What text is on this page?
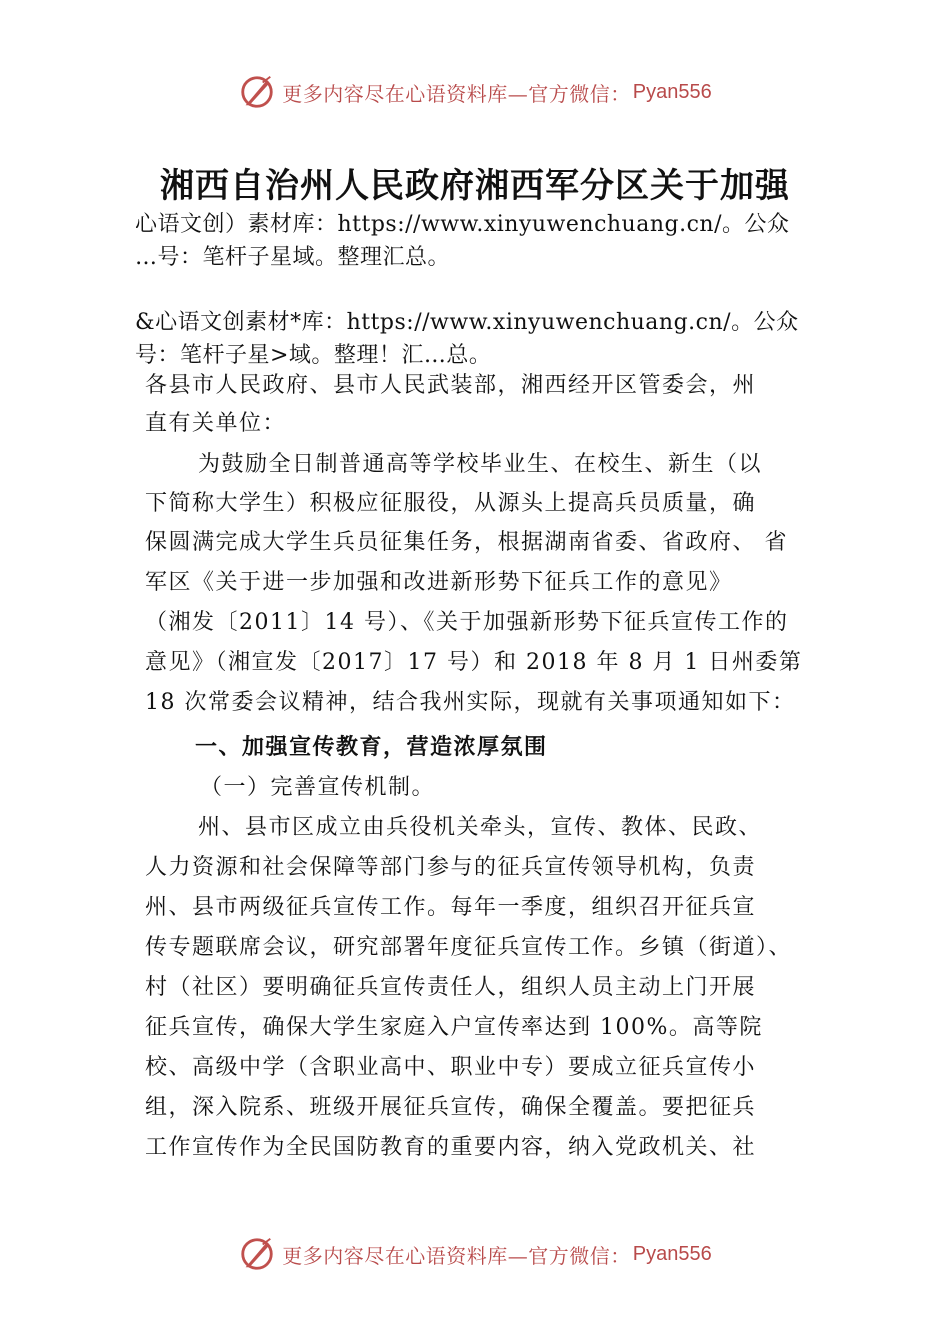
更多内容尽在心语资料库—官方微信： Pyan556
湘西自治州人民政府湘西军分区关于加强
心语文创）素材库：https://www.xinyuwenchuang.cn/。公众
…号：笔杆子星域。整理汇总。
&心语文创素材*库：https://www.xinyuwenchuang.cn/。公众
号：笔杆子星>域。整理！汇…总。
各县市人民政府、县市人民武装部，湘西经开区管委会，州
直有关单位：
为鼓励全日制普通高等学校毕业生、在校生、新生（以
下简称大学生）积极应征服役，从源头上提高兵员质量，确
保圆满完成大学生兵员征集任务，根据湖南省委、省政府、 省
军区《关于进一步加强和改进新形势下征兵工作的意见》
（湘发〔2011〕14 号）、《关于加强新形势下征兵宣传工作的
意见》（湘宣发〔2017〕17 号）和 2018 年 8 月 1 日州委第
18 次常委会议精神，结合我州实际，现就有关事项通知如下：
一、加强宣传教育，营造浓厚氛围
（一）完善宣传机制。
州、县市区成立由兵役机关牵头，宣传、教体、民政、
人力资源和社会保障等部门参与的征兵宣传领导机构，负责
州、县市两级征兵宣传工作。每年一季度，组织召开征兵宣
传专题联席会议，研究部署年度征兵宣传工作。乡镇（街道）、
村（社区）要明确征兵宣传责任人，组织人员主动上门开展
征兵宣传，确保大学生家庭入户宣传率达到 100%。高等院
校、高级中学（含职业高中、职业中专）要成立征兵宣传小
组，深入院系、班级开展征兵宣传，确保全覆盖。要把征兵
工作宣传作为全民国防教育的重要内容，纳入党政机关、社
更多内容尽在心语资料库—官方微信： Pyan556
